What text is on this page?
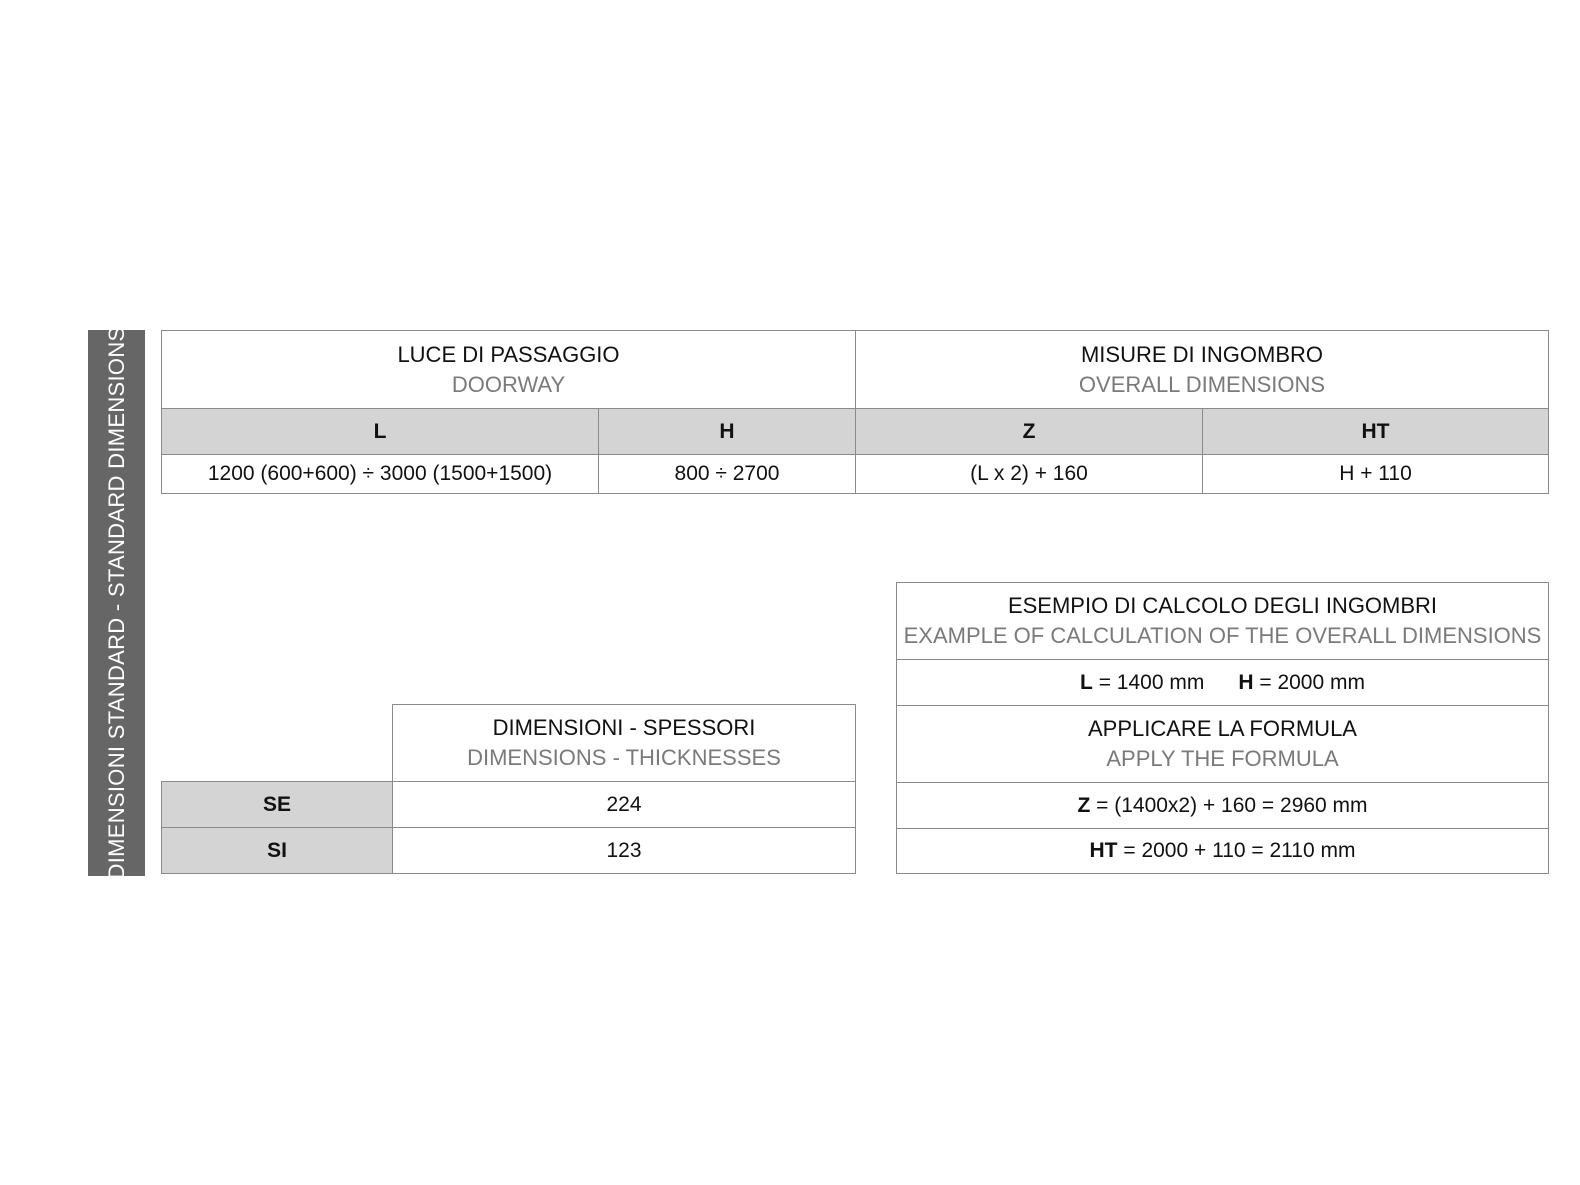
DIMENSIONI STANDARD - STANDARD DIMENSIONS	LUCE DI PASSAGGIO
DOORWAY
MISURE DI INGOMBRO
OVERALL DIMENSIONS
L	H	Z	HT
1200 (600+600) ÷ 3000 (1500+1500)	800 ÷ 2700	(L x 2) + 160	H + 110
DIMENSIONI - SPESSORI
DIMENSIONS - THICKNESSES
SE	224
SI	123
ESEMPIO DI CALCOLO DEGLI INGOMBRI
EXAMPLE OF CALCULATION OF THE OVERALL DIMENSIONS
L = 1400 mm H = 2000 mm
APPLICARE LA FORMULA
APPLY THE FORMULA
Z = (1400x2) + 160 = 2960 mm
HT = 2000 + 110 = 2110 mm
